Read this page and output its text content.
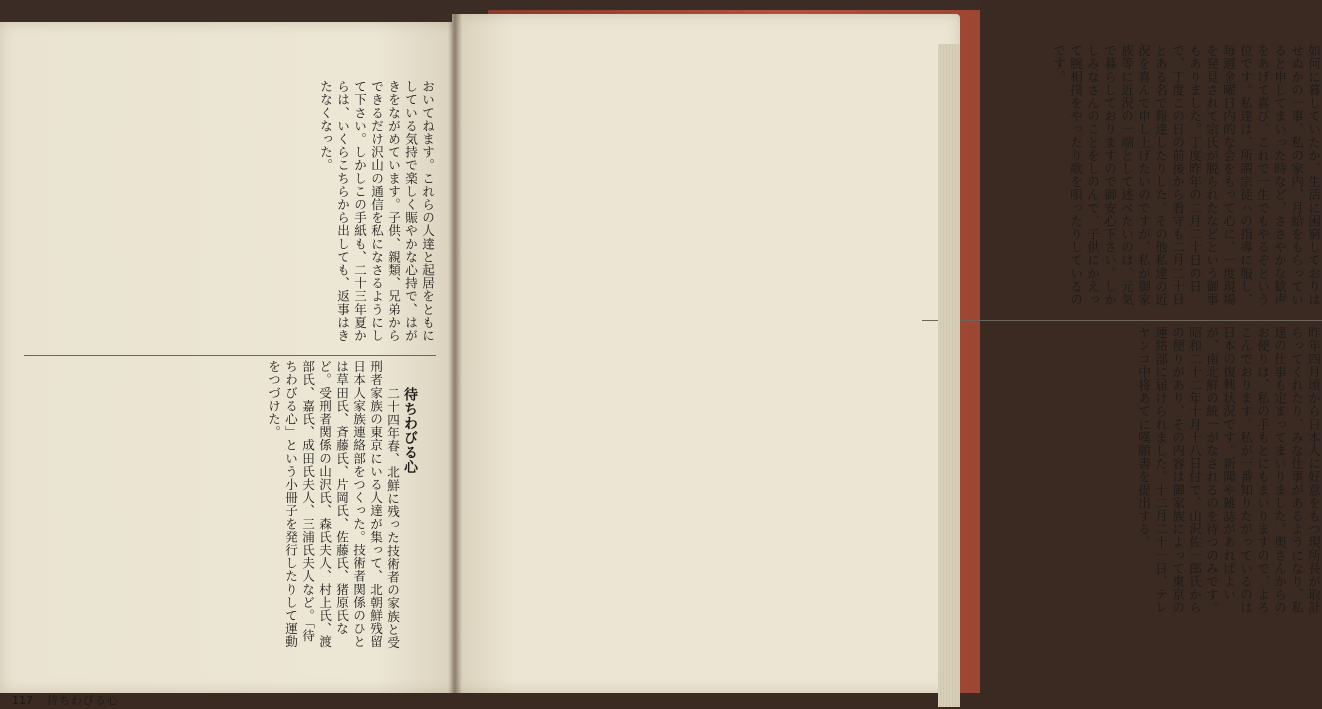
おいてねます。これらの人達と起居をともにしている気持で楽しく賑やかな心持で、はがきをながめています。子供、親類、兄弟からできるだけ沢山の通信を私になさるようにして下さい。しかしこの手紙も、二十三年夏からは、いくらこちらから出しても、返事はきたなくなった。

待ちわびる心
二十四年春、北鮮に残った技術者の家族と受刑者家族の東京にいる人達が集って、北朝鮮残留日本人家族連絡部をつくった。技術者関係のひとは草田氏、斉藤氏、片岡氏、佐藤氏、猪原氏など。受刑者関係の山沢氏、森氏夫人、村上氏、渡部氏、嘉氏、成田氏夫人、三浦氏夫人など。「待ちわびる心」という小冊子を発行したりして運動をつづけた。

117 待ちわびる心
如何に暮していたか、生活に困窮しておりはせぬかの一事、私の家内、月給をもらっていると申してまいった時など、ささやかな歓声をあげて喜び、これで一生でもやるぞという位です。私達は、所謂宗徒ハの指導に服し、毎週金曜日内的な会をもって心に、一度現場を発見されて宗氏が脱られたなどという御事もありました。丁度昨年の二月二十日の日で、丁度この日の前後から看守も二月二十日とある名で報達したりした。その他私達の近況を喜んで申し上げたいのですが、私が御家族等に近況の一端として述べたいのは、元気で暮らしておりますので御安心下さい。しかしみなさんのことをしのんで、子供にかえって腕相撲をやったり歌を唄ったりしているのです。
昨年四月頃から日本人に好意をもつ現所長が取計らってくれたり、みな仕事があるようになり、私達の仕事も定まってまいりました。奥さんからのお便りは、私の手もとにもまいりますので、よろこんでおります。私が一番知りたがっているのは日本の復興状況です。新聞や雑誌があればよいが、南北鮮の統一がなされるのを待つのみです。昭和二十二年十月十八日付で、山沢佐一郎氏からの便りがあり、その内容は御家族によって東京の連絡部に届けられました。十二月二十一日、テレヤンコ中将あてに嘆願書を提出する。
